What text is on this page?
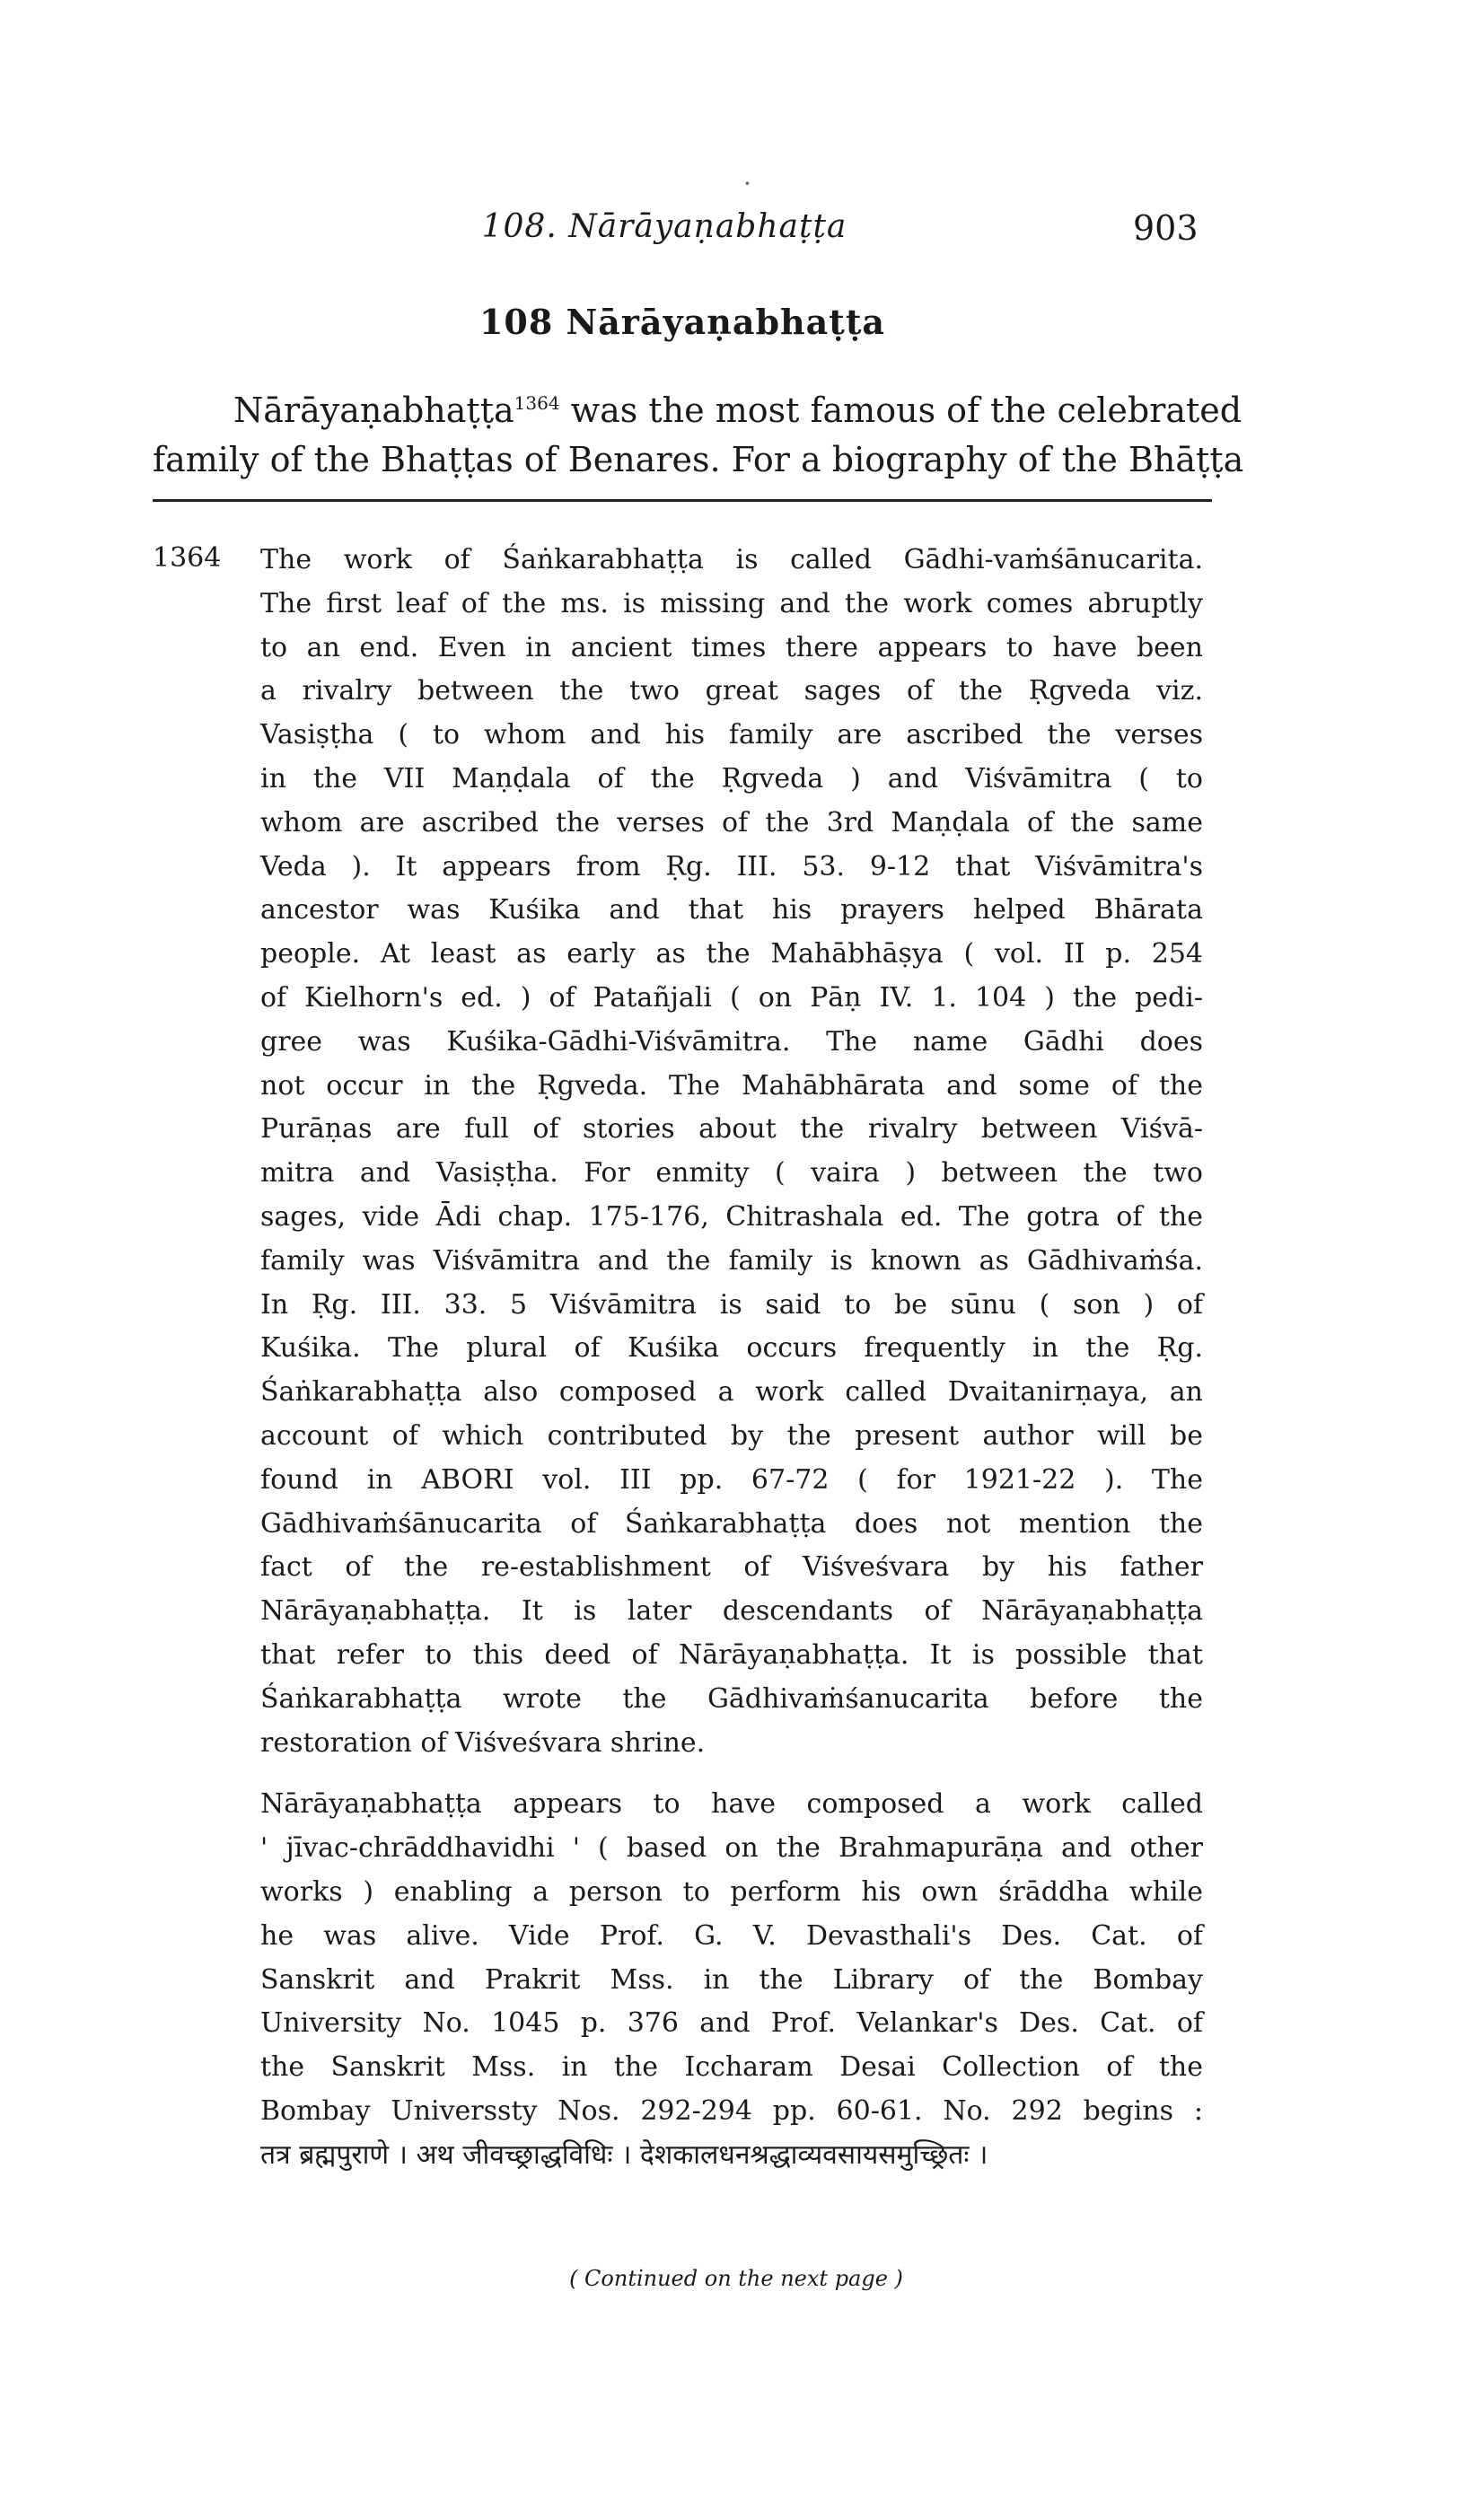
·
108. Nārāyaṇabhaṭṭa	903
108 Nārāyaṇabhaṭṭa
Nārāyaṇabhaṭṭa$^{1364}$ was the most famous of the celebrated
family of the Bhaṭṭas of Benares. For a biography of the Bhāṭṭa
1364 The work of Śaṅkarabhaṭṭa is called Gādhi-vaṁśānucarita.
The first leaf of the ms. is missing and the work comes abruptly
to an end. Even in ancient times there appears to have been
a rivalry between the two great sages of the Ṛgveda viz.
Vasiṣṭha ( to whom and his family are ascribed the verses
in the VII Maṇḍala of the Ṛgveda ) and Viśvāmitra ( to
whom are ascribed the verses of the 3rd Maṇḍala of the same
Veda ). It appears from Ṛg. III. 53. 9-12 that Viśvāmitra's
ancestor was Kuśika and that his prayers helped Bhārata
people. At least as early as the Mahābhāṣya ( vol. II p. 254
of Kielhorn's ed. ) of Patañjali ( on Pāṇ IV. 1. 104 ) the pedi-
gree was Kuśika-Gādhi-Viśvāmitra. The name Gādhi does
not occur in the Ṛgveda. The Mahābhārata and some of the
Purāṇas are full of stories about the rivalry between Viśvā-
mitra and Vasiṣṭha. For enmity ( vaira ) between the two
sages, vide Ādi chap. 175-176, Chitrashala ed. The gotra of the
family was Viśvāmitra and the family is known as Gādhivaṁśa.
In Ṛg. III. 33. 5 Viśvāmitra is said to be sūnu ( son ) of
Kuśika. The plural of Kuśika occurs frequently in the Ṛg.
Śaṅkarabhaṭṭa also composed a work called Dvaitanirṇaya, an
account of which contributed by the present author will be
found in ABORI vol. III pp. 67-72 ( for 1921-22 ). The
Gādhivaṁśānucarita of Śaṅkarabhaṭṭa does not mention the
fact of the re-establishment of Viśveśvara by his father
Nārāyaṇabhaṭṭa. It is later descendants of Nārāyaṇabhaṭṭa
that refer to this deed of Nārāyaṇabhaṭṭa. It is possible that
Śaṅkarabhaṭṭa wrote the Gādhivaṁśanucarita before the
restoration of Viśveśvara shrine.
Nārāyaṇabhaṭṭa appears to have composed a work called
' jīvac-chrāddhavidhi ' ( based on the Brahmapurāṇa and other
works ) enabling a person to perform his own śrāddha while
he was alive. Vide Prof. G. V. Devasthali's Des. Cat. of
Sanskrit and Prakrit Mss. in the Library of the Bombay
University No. 1045 p. 376 and Prof. Velankar's Des. Cat. of
the Sanskrit Mss. in the Iccharam Desai Collection of the
Bombay Universsty Nos. 292-294 pp. 60-61. No. 292 begins :
तत्र ब्रह्मपुराणे । अथ जीवच्छ्राद्धविधिः । देशकालधनश्रद्धाव्यवसायसमुच्छ्रितः ।
( Continued on the next page )
